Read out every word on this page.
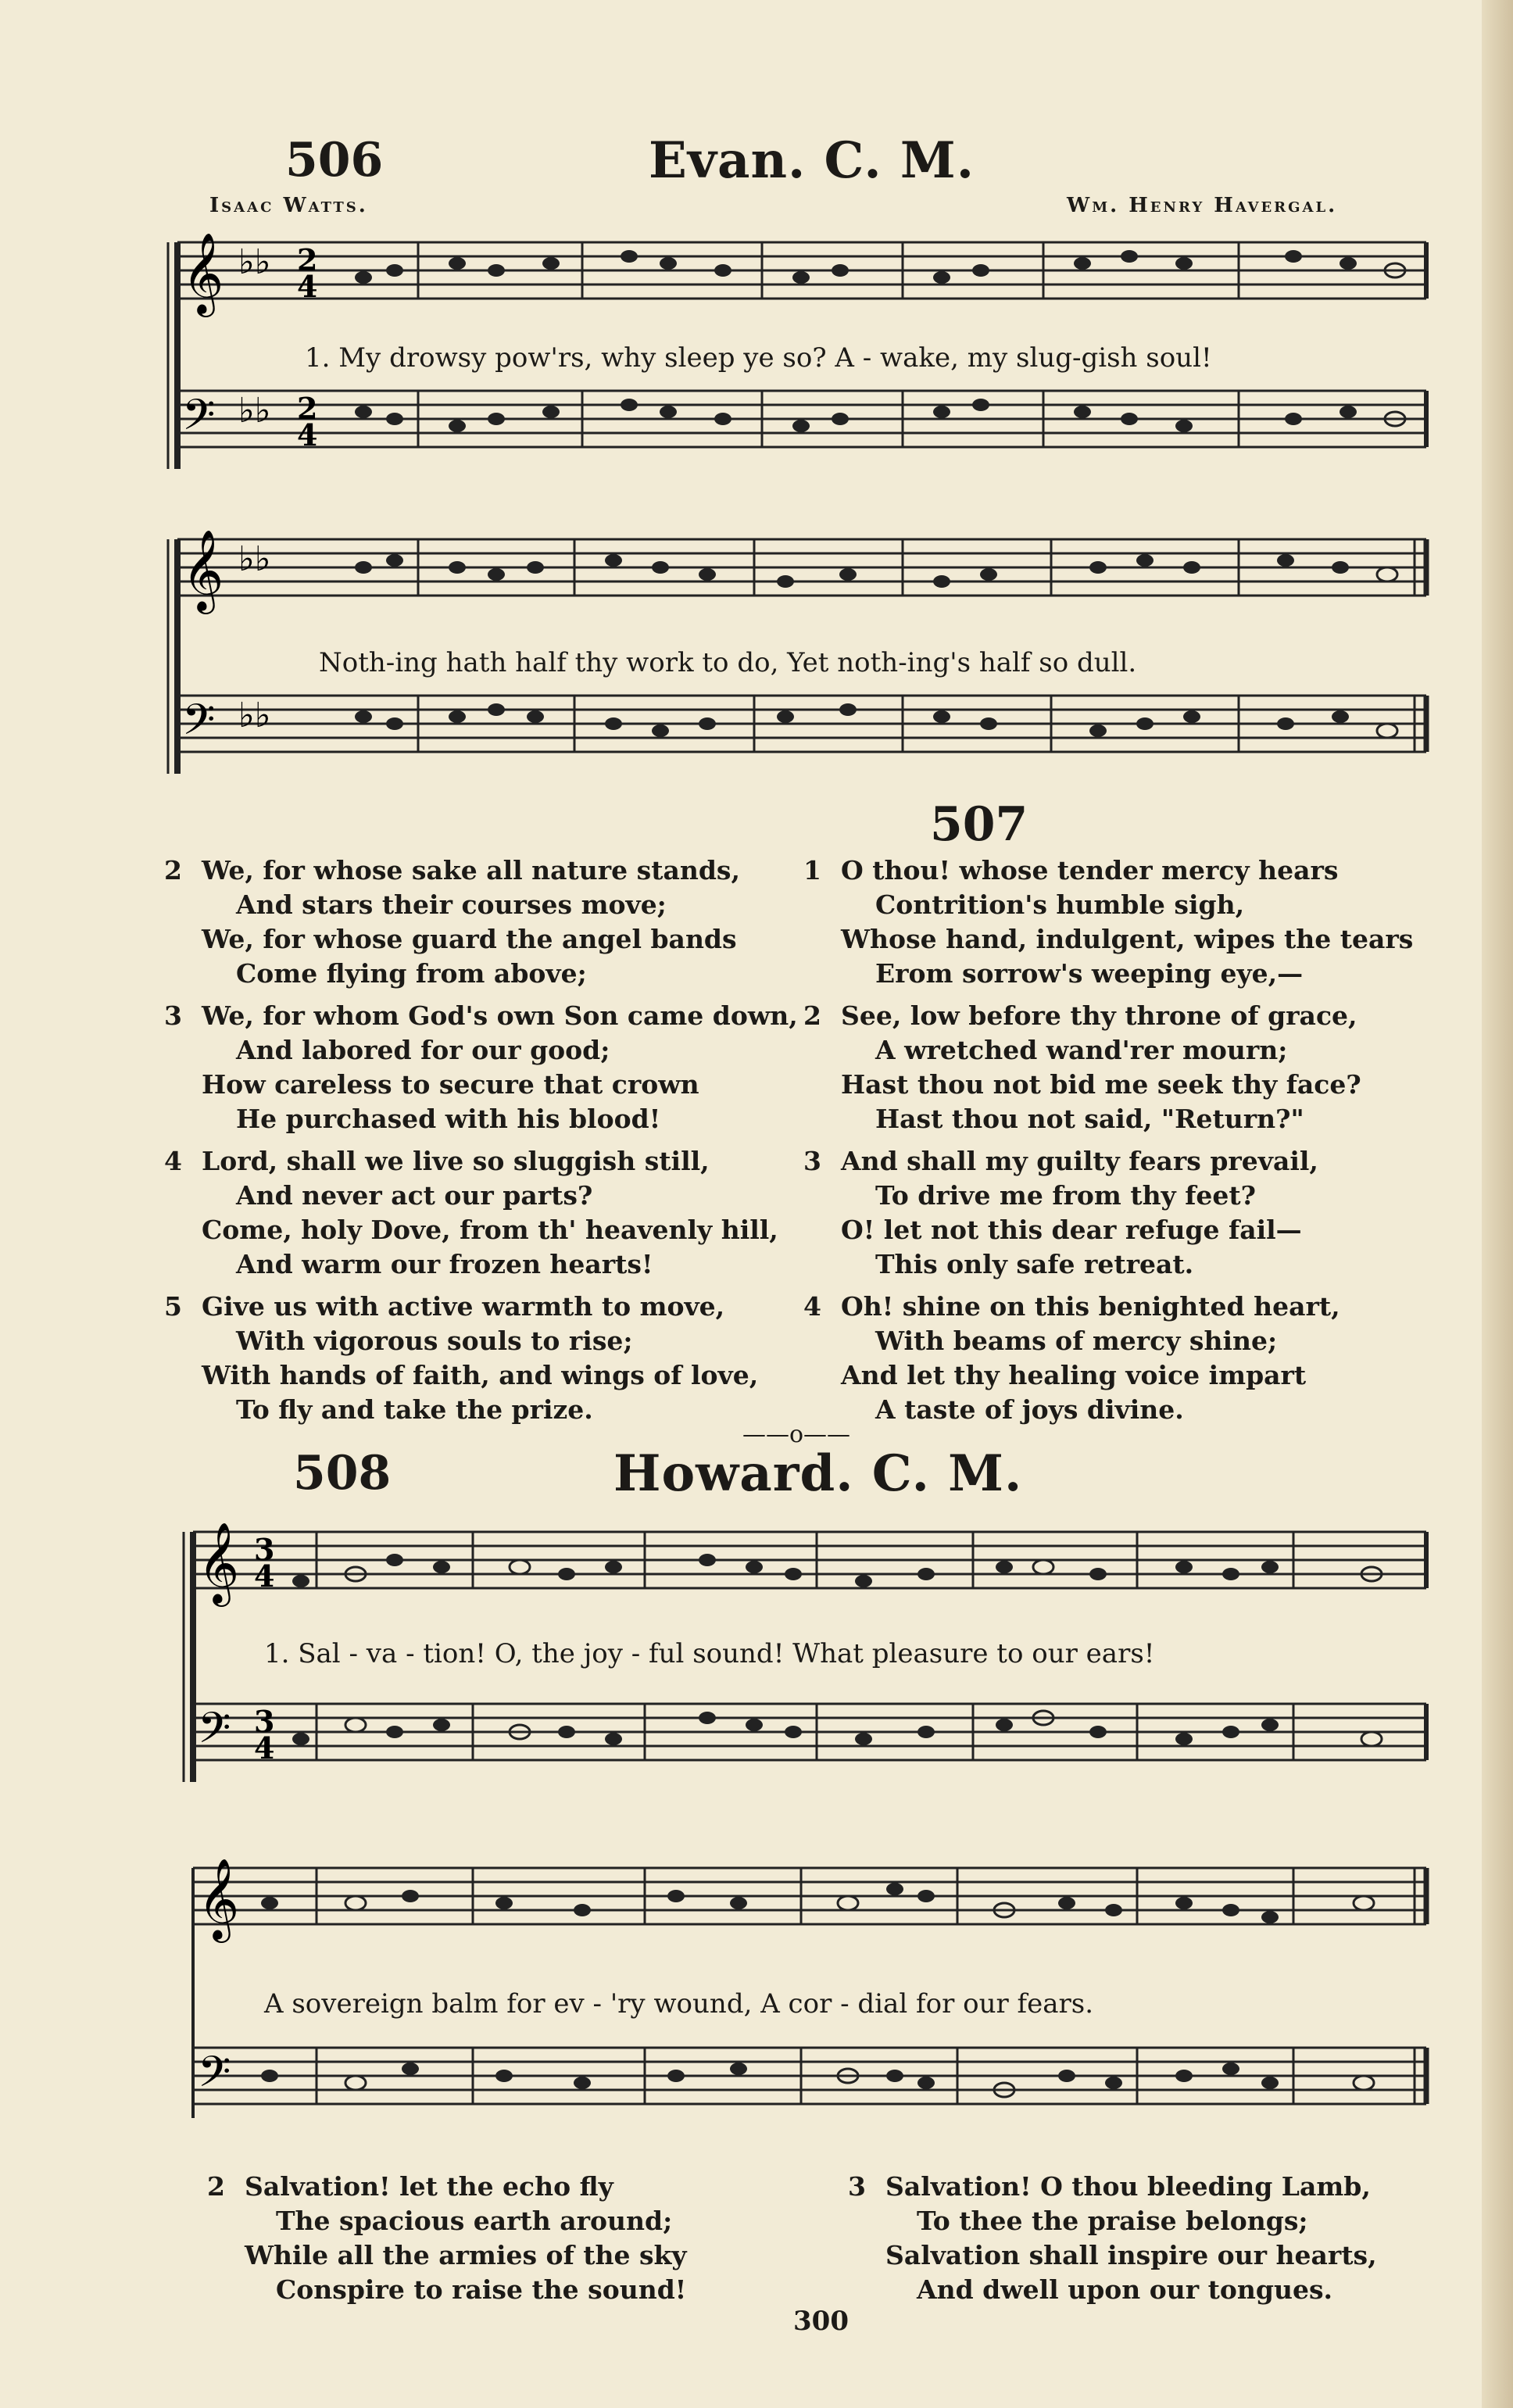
506	Evan. C. M.
Isaac Watts.	Wm. Henry Havergal.
𝄞
𝄢
♭♭
♭♭
2
4
2
4
1. My drowsy pow'rs, why sleep ye so? A - wake, my slug-gish soul!
𝄞
𝄢
♭♭
♭♭
Noth-ing hath half thy work to do, Yet noth-ing's half so dull.
2 We, for whose sake all nature stands,
And stars their courses move;
We, for whose guard the angel bands
Come flying from above;
3 We, for whom God's own Son came down,
And labored for our good;
How careless to secure that crown
He purchased with his blood!
4 Lord, shall we live so sluggish still,
And never act our parts?
Come, holy Dove, from th' heavenly hill,
And warm our frozen hearts!
5 Give us with active warmth to move,
With vigorous souls to rise;
With hands of faith, and wings of love,
To fly and take the prize.
507
1 O thou! whose tender mercy hears
Contrition's humble sigh,
Whose hand, indulgent, wipes the tears
Erom sorrow's weeping eye,—
2 See, low before thy throne of grace,
A wretched wand'rer mourn;
Hast thou not bid me seek thy face?
Hast thou not said, "Return?"
3 And shall my guilty fears prevail,
To drive me from thy feet?
O! let not this dear refuge fail—
This only safe retreat.
4 Oh! shine on this benighted heart,
With beams of mercy shine;
And let thy healing voice impart
A taste of joys divine.
——o——
508	Howard. C. M.
𝄞
𝄢
3
4
3
4
1. Sal - va - tion! O, the joy - ful sound! What pleasure to our ears!
𝄞
𝄢
A sovereign balm for ev - 'ry wound, A cor - dial for our fears.
2 Salvation! let the echo fly
The spacious earth around;
While all the armies of the sky
Conspire to raise the sound!
3 Salvation! O thou bleeding Lamb,
To thee the praise belongs;
Salvation shall inspire our hearts,
And dwell upon our tongues.
300
